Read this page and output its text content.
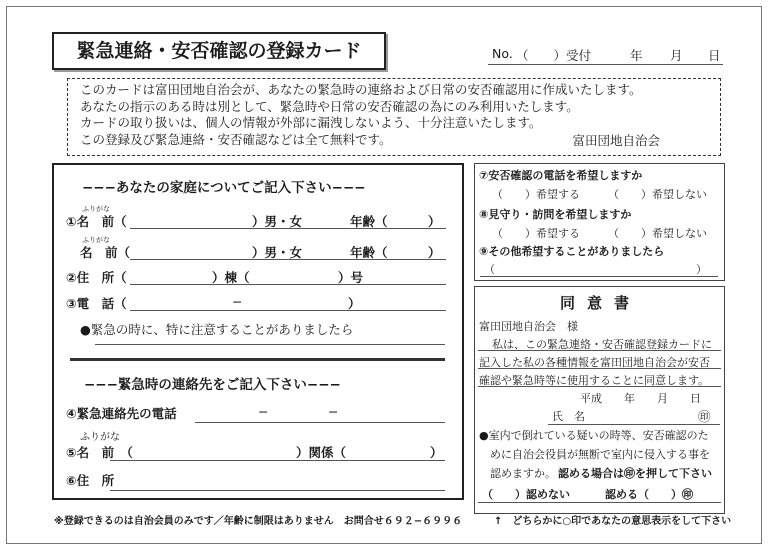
緊急連絡・安否確認の登録カード	No. （　　）受付	年 月 日
このカードは富田団地自治会が、あなたの緊急時の連絡および日常の安否確認用に作成いたします。
あなたの指示のある時は別として、緊急時や日常の安否確認の為にのみ利用いたします。
カードの取り扱いは、個人の情報が外部に漏洩しないよう、十分注意いたします。
この登録及び緊急連絡・安否確認などは全て無料です。	富田団地自治会
−−−あなたの家庭についてご記入下さい−−−
ふりがな
①名　前（	）男・女	年齢（	）
ふりがな
名　前（	）男・女	年齢（	）
②住　所（	）棟（	）号
③電　話（	−	）
●緊急の時に、特に注意することがありましたら
−−−緊急時の連絡先をご記入下さい−−−
④緊急連絡先の電話	−	−
ふりがな
⑤名　前　（	）関係（	）
⑥住　所
⑦安否確認の電話を希望しますか
（　　）希望する	（　　）希望しない
⑧見守り・訪問を希望しますか
（　　）希望する	（　　）希望しない
⑨その他希望することがありましたら
（	）
同意書
富田団地自治会　様
私は、この緊急連絡・安否確認登録カードに
記入した私の各種情報を富田団地自治会が安否
確認や緊急時等に使用することに同意します。
平成　　年　　月　　日
氏　名	㊞
●室内で倒れている疑いの時等、安否確認のた
めに自治会役員が無断で室内に侵入する事を
認めますか。 認める場合は㊞を押して下さい
（　　）認めない	認める（　　）㊞
※登録できるのは自治会員のみです／年齢に制限はありません　お問合せ６９２−６９９６	↑　どちらかに○印であなたの意思表示をして下さい
